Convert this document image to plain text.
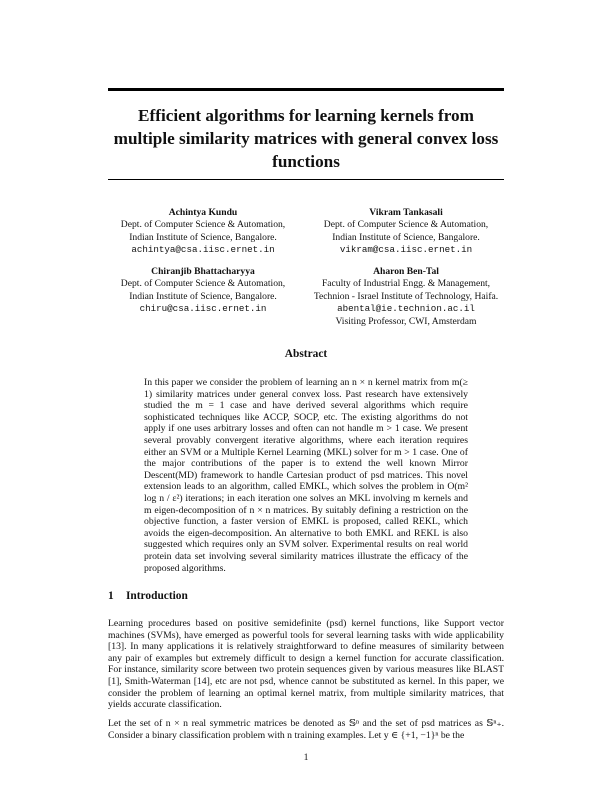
Efficient algorithms for learning kernels from multiple similarity matrices with general convex loss functions
Achintya Kundu
Dept. of Computer Science & Automation,
Indian Institute of Science, Bangalore.
achintya@csa.iisc.ernet.in
Vikram Tankasali
Dept. of Computer Science & Automation,
Indian Institute of Science, Bangalore.
vikram@csa.iisc.ernet.in
Chiranjib Bhattacharyya
Dept. of Computer Science & Automation,
Indian Institute of Science, Bangalore.
chiru@csa.iisc.ernet.in
Aharon Ben-Tal
Faculty of Industrial Engg. & Management,
Technion - Israel Institute of Technology, Haifa.
abental@ie.technion.ac.il
Visiting Professor, CWI, Amsterdam
Abstract

In this paper we consider the problem of learning an n × n kernel matrix from m(≥ 1) similarity matrices under general convex loss. Past research have extensively studied the m = 1 case and have derived several algorithms which require sophisticated techniques like ACCP, SOCP, etc. The existing algorithms do not apply if one uses arbitrary losses and often can not handle m > 1 case. We present several provably convergent iterative algorithms, where each iteration requires either an SVM or a Multiple Kernel Learning (MKL) solver for m > 1 case. One of the major contributions of the paper is to extend the well known Mirror Descent(MD) framework to handle Cartesian product of psd matrices. This novel extension leads to an algorithm, called EMKL, which solves the problem in O(m² log n / ε²) iterations; in each iteration one solves an MKL involving m kernels and m eigen-decomposition of n × n matrices. By suitably defining a restriction on the objective function, a faster version of EMKL is proposed, called REKL, which avoids the eigen-decomposition. An alternative to both EMKL and REKL is also suggested which requires only an SVM solver. Experimental results on real world protein data set involving several similarity matrices illustrate the efficacy of the proposed algorithms.

1 Introduction

Learning procedures based on positive semidefinite (psd) kernel functions, like Support vector machines (SVMs), have emerged as powerful tools for several learning tasks with wide applicability [13]. In many applications it is relatively straightforward to define measures of similarity between any pair of examples but extremely difficult to design a kernel function for accurate classification. For instance, similarity score between two protein sequences given by various measures like BLAST [1], Smith-Waterman [14], etc are not psd, whence cannot be substituted as kernel. In this paper, we consider the problem of learning an optimal kernel matrix, from multiple similarity matrices, that yields accurate classification.

Let the set of n × n real symmetric matrices be denoted as 𝕊ⁿ and the set of psd matrices as 𝕊ⁿ₊. Consider a binary classification problem with n training examples. Let y ∈ {+1, −1}ⁿ be the

1
